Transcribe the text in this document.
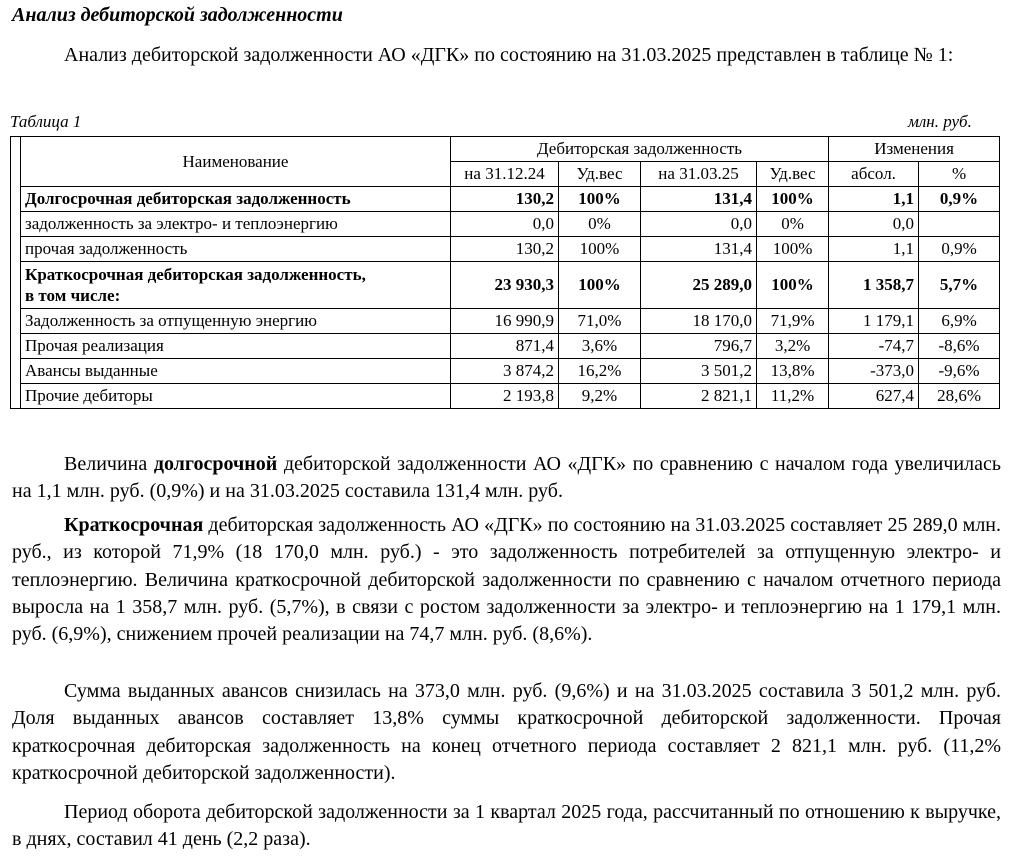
Анализ дебиторской задолженности

Анализ дебиторской задолженности АО «ДГК» по состоянию на 31.03.2025 представлен в таблице № 1:

Таблица 1	млн. руб.
	Наименование	Дебиторская задолженность				Изменения	
		на 31.12.24	Уд.вес	на 31.03.25	Уд.вес	абсол.	%
	Долгосрочная дебиторская задолженность	130,2	100%	131,4	100%	1,1	0,9%
	задолженность за электро- и теплоэнергию	0,0	0%	0,0	0%	0,0	
	прочая задолженность	130,2	100%	131,4	100%	1,1	0,9%
	Краткосрочная дебиторская задолженность,
в том числе:	23 930,3	100%	25 289,0	100%	1 358,7	5,7%
	Задолженность за отпущенную энергию	16 990,9	71,0%	18 170,0	71,9%	1 179,1	6,9%
	Прочая реализация	871,4	3,6%	796,7	3,2%	-74,7	-8,6%
	Авансы выданные	3 874,2	16,2%	3 501,2	13,8%	-373,0	-9,6%
	Прочие дебиторы	2 193,8	9,2%	2 821,1	11,2%	627,4	28,6%

Величина долгосрочной дебиторской задолженности АО «ДГК» по сравнению с началом года увеличилась на 1,1 млн. руб. (0,9%) и на 31.03.2025 составила 131,4 млн. руб.

Краткосрочная дебиторская задолженность АО «ДГК» по состоянию на 31.03.2025 составляет 25 289,0 млн. руб., из которой 71,9% (18 170,0 млн. руб.) - это задолженность потребителей за отпущенную электро- и теплоэнергию. Величина краткосрочной дебиторской задолженности по сравнению с началом отчетного периода выросла на 1 358,7 млн. руб. (5,7%), в связи с ростом задолженности за электро- и теплоэнергию на 1 179,1 млн. руб. (6,9%), снижением прочей реализации на 74,7 млн. руб. (8,6%).

Сумма выданных авансов снизилась на 373,0 млн. руб. (9,6%) и на 31.03.2025 составила 3 501,2 млн. руб. Доля выданных авансов составляет 13,8% суммы краткосрочной дебиторской задолженности. Прочая краткосрочная дебиторская задолженность на конец отчетного периода составляет 2 821,1 млн. руб. (11,2% краткосрочной дебиторской задолженности).

Период оборота дебиторской задолженности за 1 квартал 2025 года, рассчитанный по отношению к выручке, в днях, составил 41 день (2,2 раза).
